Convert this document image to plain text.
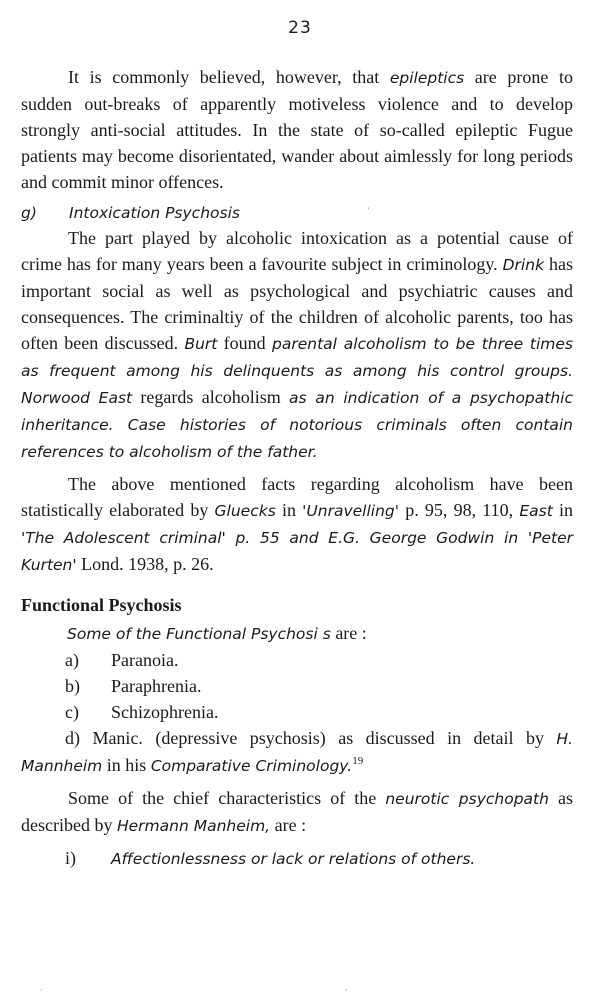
23

It is commonly believed, however, that epileptics are prone to sudden out-breaks of apparently motiveless violence and to develop strongly anti-social attitudes. In the state of so-called epileptic Fugue patients may become disorientated, wander about aimlessly for long periods and commit minor offences.

g) Intoxication Psychosis

The part played by alcoholic intoxication as a potential cause of crime has for many years been a favourite subject in criminology. Drink has important social as well as psychological and psychiatric causes and consequences. The criminaltiy of the children of alcoholic parents, too has often been discussed. Burt found parental alcoholism to be three times as frequent among his delinquents as among his control groups. Norwood East regards alcoholism as an indication of a psychopathic inheritance. Case histories of notorious criminals often contain references to alcoholism of the father.

The above mentioned facts regarding alcoholism have been statistically elaborated by Gluecks in 'Unravelling' p. 95, 98, 110, East in 'The Adolescent criminal' p. 55 and E.G. George Godwin in 'Peter Kurten' Lond. 1938, p. 26.

Functional Psychosis

Some of the Functional Psychosi s are :

a) Paranoia.
b) Paraphrenia.
c) Schizophrenia.

d) Manic. (depressive psychosis) as discussed in detail by H. Mannheim in his Comparative Criminology.$^{19}$

Some of the chief characteristics of the neurotic psychopath as described by Hermann Manheim, are :

i) Affectionlessness or lack or relations of others.
'
·	·
